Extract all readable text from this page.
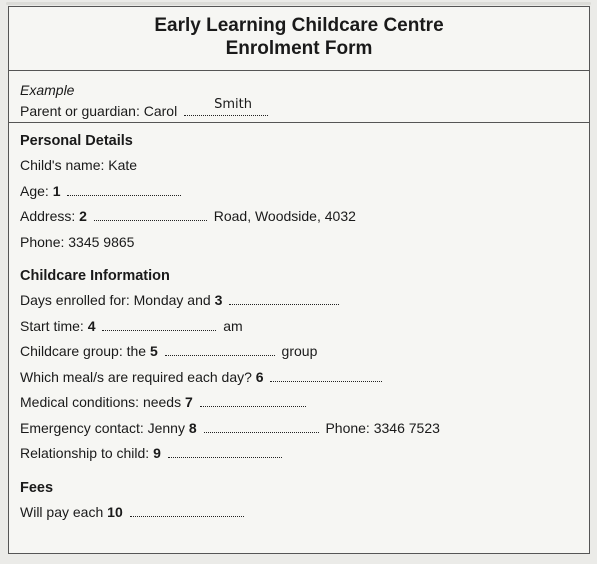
Early Learning Childcare Centre
Enrolment Form
Example
Parent or guardian: Carol	Smith
Personal Details
Child's name: Kate
Age: 1
Address: 2	Road, Woodside, 4032
Phone: 3345 9865
Childcare Information
Days enrolled for: Monday and 3
Start time: 4	am
Childcare group: the 5	group
Which meal/s are required each day? 6
Medical conditions: needs 7
Emergency contact: Jenny 8	Phone: 3346 7523
Relationship to child: 9
Fees
Will pay each 10
